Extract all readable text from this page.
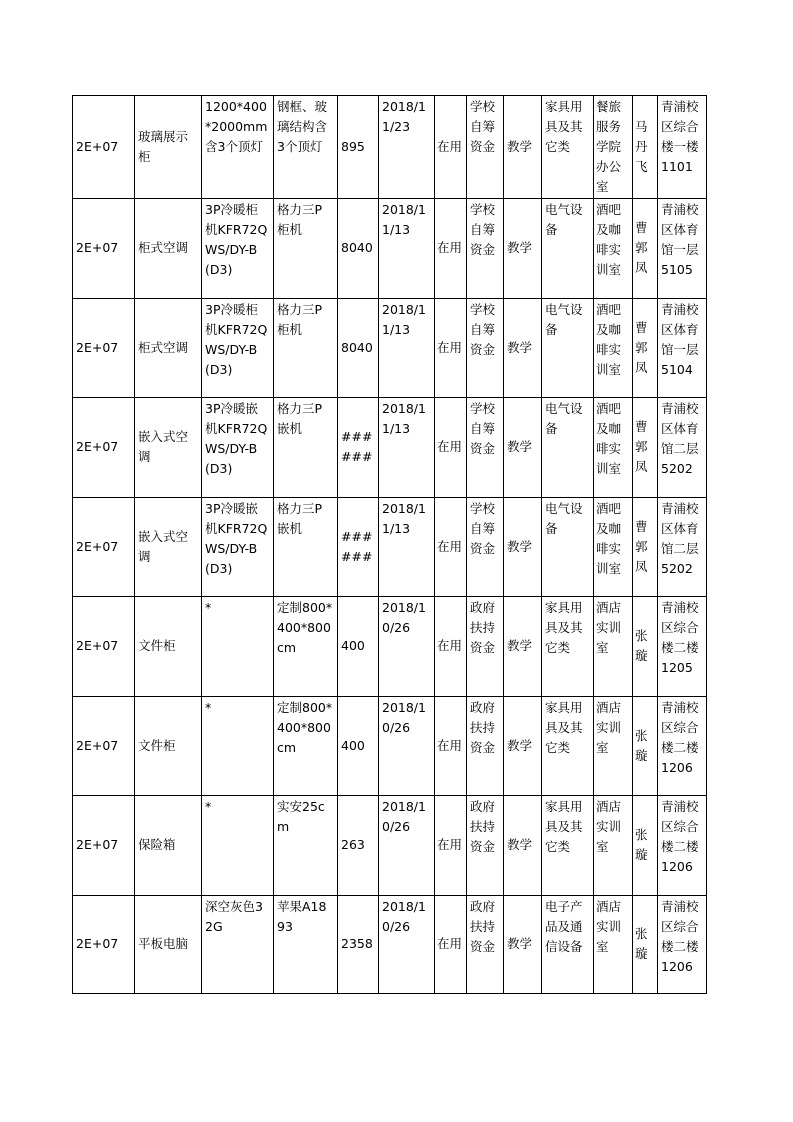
2E+07	玻璃展示柜	1200*400*2000mm含3个顶灯	钢框、玻璃结构含3个顶灯	895	2018/11/23	在用	学校自筹资金	教学	家具用具及其它类	餐旅服务学院办公室	马丹飞	青浦校区综合楼一楼1101
2E+07	柜式空调	3P冷暖柜机KFR72QWS/DY-B(D3)	格力三P柜机	8040	2018/11/13	在用	学校自筹资金	教学	电气设备	酒吧及咖啡实训室	曹郭凤	青浦校区体育馆一层5105
2E+07	柜式空调	3P冷暖柜机KFR72QWS/DY-B(D3)	格力三P柜机	8040	2018/11/13	在用	学校自筹资金	教学	电气设备	酒吧及咖啡实训室	曹郭凤	青浦校区体育馆一层5104
2E+07	嵌入式空调	3P冷暖嵌机KFR72QWS/DY-B(D3)	格力三P嵌机	######	2018/11/13	在用	学校自筹资金	教学	电气设备	酒吧及咖啡实训室	曹郭凤	青浦校区体育馆二层5202
2E+07	嵌入式空调	3P冷暖嵌机KFR72QWS/DY-B(D3)	格力三P嵌机	######	2018/11/13	在用	学校自筹资金	教学	电气设备	酒吧及咖啡实训室	曹郭凤	青浦校区体育馆二层5202
2E+07	文件柜	*	定制800*400*800cm	400	2018/10/26	在用	政府扶持资金	教学	家具用具及其它类	酒店实训室	张璇	青浦校区综合楼二楼1205
2E+07	文件柜	*	定制800*400*800cm	400	2018/10/26	在用	政府扶持资金	教学	家具用具及其它类	酒店实训室	张璇	青浦校区综合楼二楼1206
2E+07	保险箱	*	实安25cm	263	2018/10/26	在用	政府扶持资金	教学	家具用具及其它类	酒店实训室	张璇	青浦校区综合楼二楼1206
2E+07	平板电脑	深空灰色32G	苹果A1893	2358	2018/10/26	在用	政府扶持资金	教学	电子产品及通信设备	酒店实训室	张璇	青浦校区综合楼二楼1206
